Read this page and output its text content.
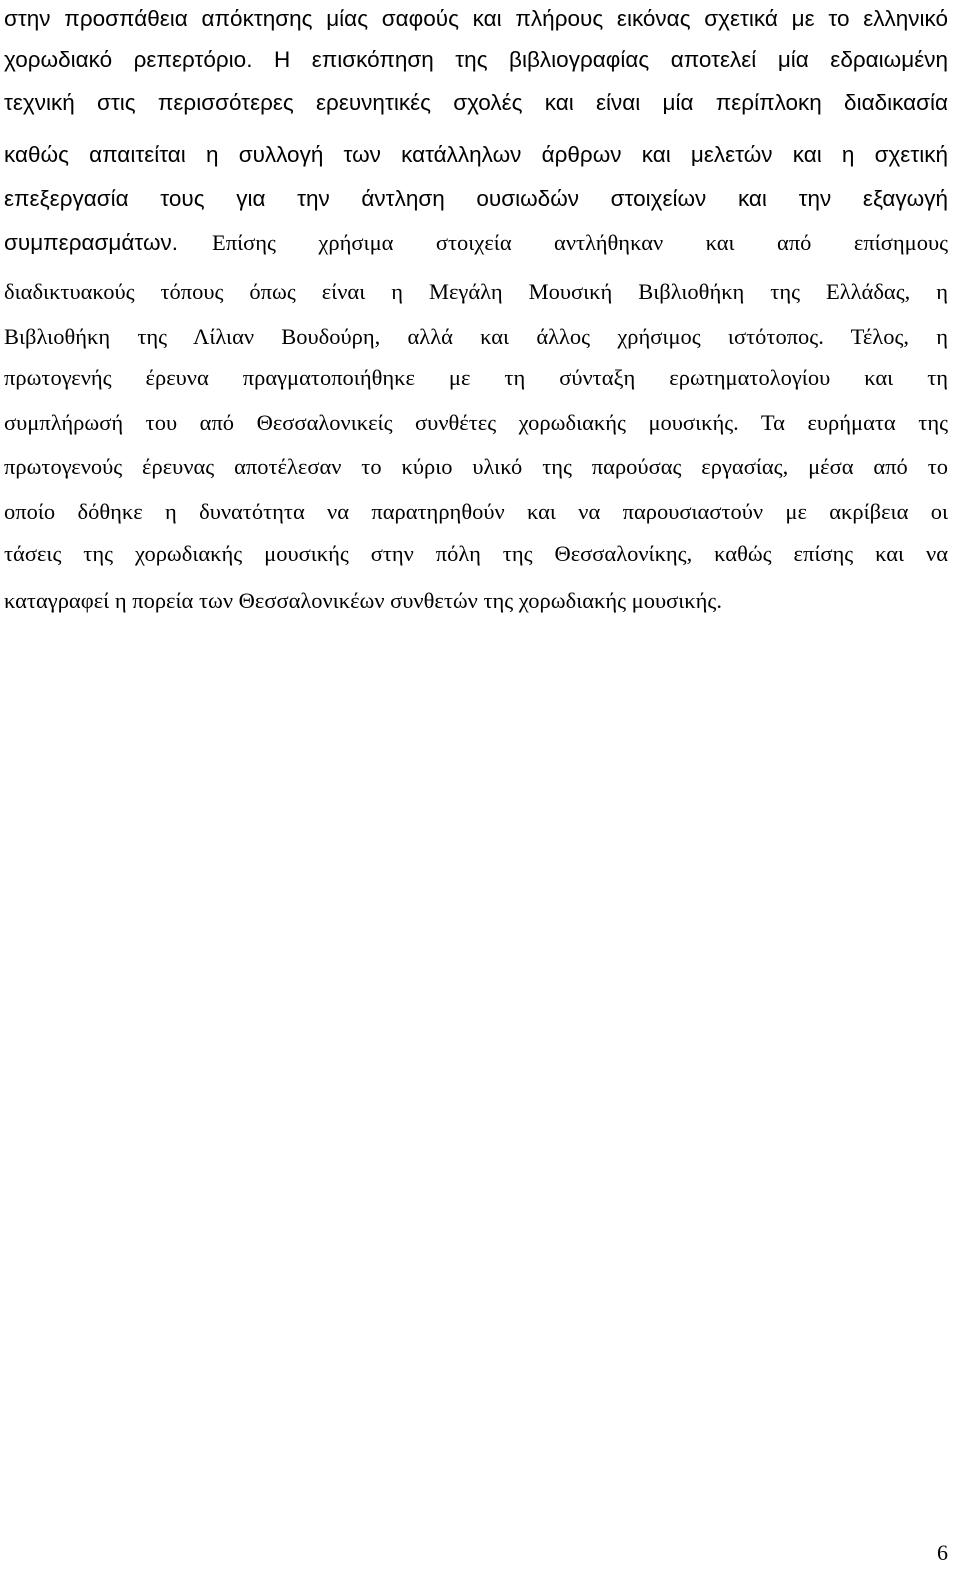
στην προσπάθεια απόκτησης μίας σαφούς και πλήρους εικόνας σχετικά με το ελληνικό
χορωδιακό ρεπερτόριο. Η επισκόπηση της βιβλιογραφίας αποτελεί μία εδραιωμένη
τεχνική στις περισσότερες ερευνητικές σχολές και είναι μία περίπλοκη διαδικασία
καθώς απαιτείται η συλλογή των κατάλληλων άρθρων και μελετών και η σχετική
επεξεργασία τους για την άντληση ουσιωδών στοιχείων και την εξαγωγή
συμπερασμάτων. Επίσης χρήσιμα στοιχεία αντλήθηκαν και από επίσημους
διαδικτυακούς τόπους όπως είναι η Μεγάλη Μουσική Βιβλιοθήκη της Ελλάδας, η
Βιβλιοθήκη της Λίλιαν Βουδούρη, αλλά και άλλος χρήσιμος ιστότοπος. Τέλος, η
πρωτογενής έρευνα πραγματοποιήθηκε με τη σύνταξη ερωτηματολογίου και τη
συμπλήρωσή του από Θεσσαλονικείς συνθέτες χορωδιακής μουσικής. Τα ευρήματα της
πρωτογενούς έρευνας αποτέλεσαν το κύριο υλικό της παρούσας εργασίας, μέσα από το
οποίο δόθηκε η δυνατότητα να παρατηρηθούν και να παρουσιαστούν με ακρίβεια οι
τάσεις της χορωδιακής μουσικής στην πόλη της Θεσσαλονίκης, καθώς επίσης και να
καταγραφεί η πορεία των Θεσσαλονικέων συνθετών της χορωδιακής μουσικής.
6
